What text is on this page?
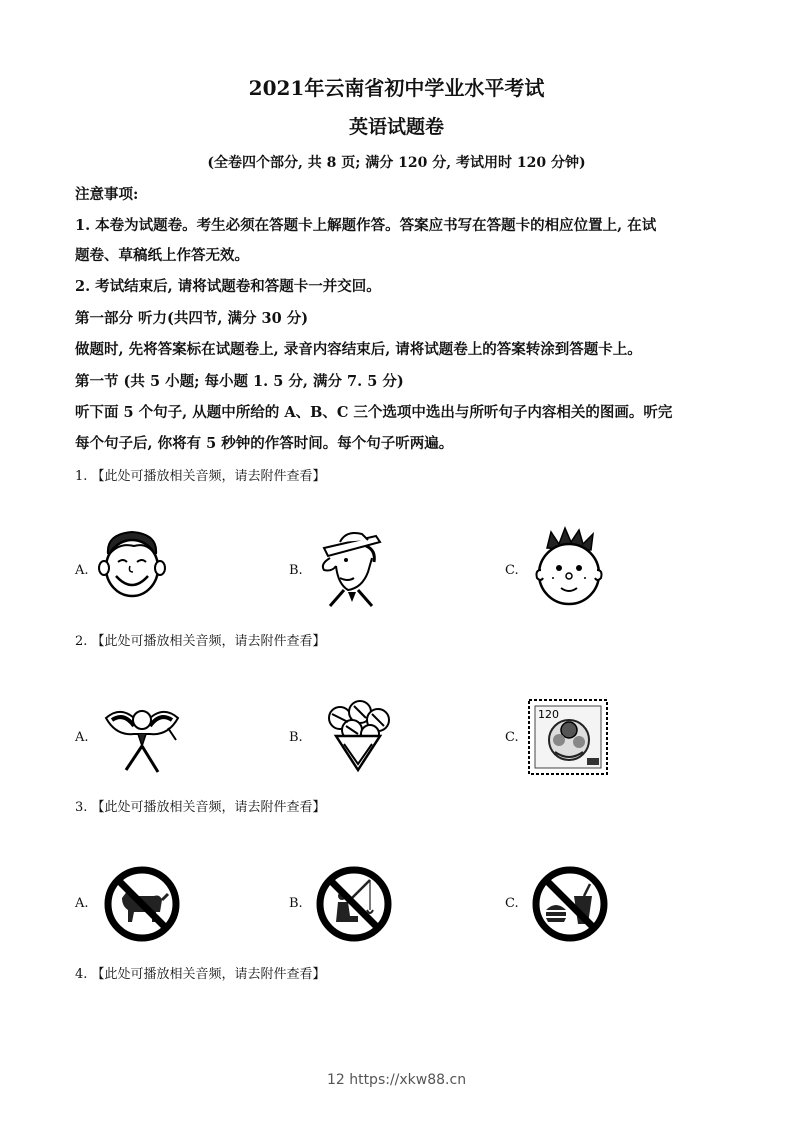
2021年云南省初中学业水平考试
英语试题卷
(全卷四个部分, 共 8 页; 满分 120 分, 考试用时 120 分钟)
注意事项:
1. 本卷为试题卷。考生必须在答题卡上解题作答。答案应书写在答题卡的相应位置上, 在试
题卷、草稿纸上作答无效。
2. 考试结束后, 请将试题卷和答题卡一并交回。
第一部分 听力(共四节, 满分 30 分)
做题时, 先将答案标在试题卷上, 录音内容结束后, 请将试题卷上的答案转涂到答题卡上。
第一节 (共 5 小题; 每小题 1. 5 分, 满分 7. 5 分)
听下面 5 个句子, 从题中所给的 A、B、C 三个选项中选出与所听句子内容相关的图画。听完
每个句子后, 你将有 5 秒钟的作答时间。每个句子听两遍。
1. 【此处可播放相关音频，请去附件查看】
A.	B.	C.
2. 【此处可播放相关音频，请去附件查看】
A.	B.	C.
120
3. 【此处可播放相关音频，请去附件查看】
A.	B.	C.
4. 【此处可播放相关音频，请去附件查看】
12 https://xkw88.cn
